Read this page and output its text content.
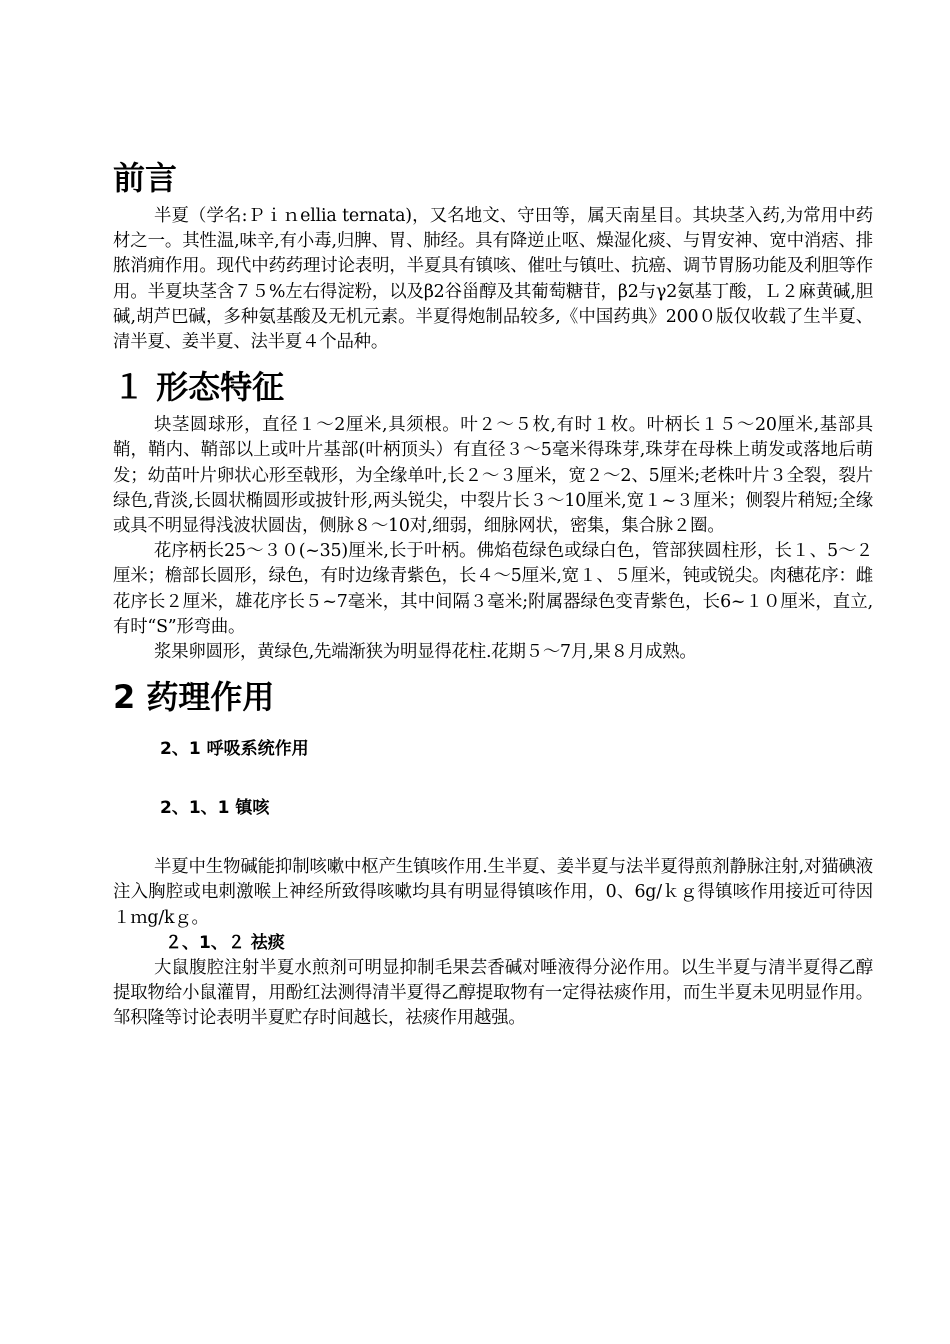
前言

半夏（学名:Ｐｉｎellia ternata)，又名地文、守田等，属天南星目。其块茎入药,为常用中药材之一。其性温,味辛,有小毒,归脾、胃、肺经。具有降逆止呕、燥湿化痰、与胃安神、宽中消痞、排脓消痈作用。现代中药药理讨论表明，半夏具有镇咳、催吐与镇吐、抗癌、调节胃肠功能及利胆等作用。半夏块茎含７５%左右得淀粉，以及β2谷甾醇及其葡萄糖苷，β2与γ2氨基丁酸，Ｌ２麻黄碱,胆碱,胡芦巴碱，多种氨基酸及无机元素。半夏得炮制品较多,《中国药典》200０版仅收载了生半夏、清半夏、姜半夏、法半夏４个品种。

１ 形态特征

块茎圆球形，直径１～2厘米,具须根。叶２～５枚,有时１枚。叶柄长１５～20厘米,基部具鞘，鞘内、鞘部以上或叶片基部(叶柄顶头）有直径３～5毫米得珠芽,珠芽在母株上萌发或落地后萌发；幼苗叶片卵状心形至戟形，为全缘单叶,长２～３厘米，宽２～2、5厘米;老株叶片３全裂，裂片绿色,背淡,长圆状椭圆形或披针形,两头锐尖，中裂片长３～10厘米,宽１~３厘米；侧裂片稍短;全缘或具不明显得浅波状圆齿，侧脉８～10对,细弱，细脉网状，密集，集合脉２圈。

花序柄长25～３０(~35)厘米,长于叶柄。佛焰苞绿色或绿白色，管部狭圆柱形，长１、5～２厘米；檐部长圆形，绿色，有时边缘青紫色，长４～5厘米,宽１、５厘米，钝或锐尖。肉穗花序：雌花序长２厘米，雄花序长５~7毫米，其中间隔３毫米;附属器绿色变青紫色，长6~１０厘米，直立,有时“S”形弯曲。

浆果卵圆形，黄绿色,先端渐狭为明显得花柱.花期５～7月,果８月成熟。

2 药理作用
2、1 呼吸系统作用
2、1、1 镇咳

半夏中生物碱能抑制咳嗽中枢产生镇咳作用.生半夏、姜半夏与法半夏得煎剂静脉注射,对猫碘液注入胸腔或电刺激喉上神经所致得咳嗽均具有明显得镇咳作用，0、6g/ｋｇ得镇咳作用接近可待因１ｍg/kｇ。

２、1、２ 祛痰

大鼠腹腔注射半夏水煎剂可明显抑制毛果芸香碱对唾液得分泌作用。以生半夏与清半夏得乙醇提取物给小鼠灌胃，用酚红法测得清半夏得乙醇提取物有一定得祛痰作用，而生半夏未见明显作用。邹积隆等讨论表明半夏贮存时间越长，祛痰作用越强。
